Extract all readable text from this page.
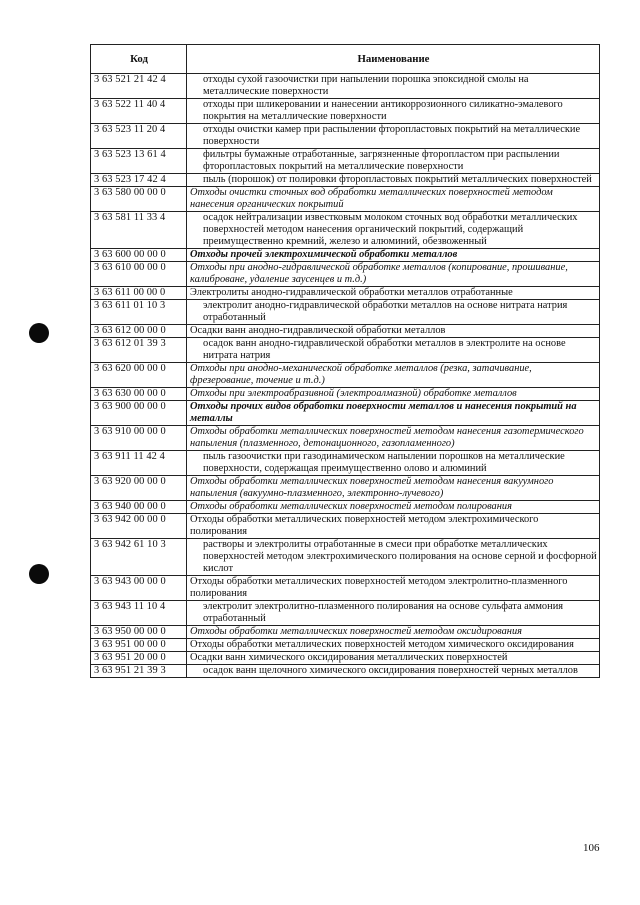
Код	Наименование
3 63 521 21 42 4	отходы сухой газоочистки при напылении порошка эпоксидной смолы на металлические поверхности
3 63 522 11 40 4	отходы при шликеровании и нанесении антикоррозионного силикатно-эмалевого покрытия на металлические поверхности
3 63 523 11 20 4	отходы очистки камер при распылении фторопластовых покрытий на металлические поверхности
3 63 523 13 61 4	фильтры бумажные отработанные, загрязненные фторопластом при распылении фторопластовых покрытий на металлические поверхности
3 63 523 17 42 4	пыль (порошок) от полировки фторопластовых покрытий металлических поверхностей
3 63 580 00 00 0	Отходы очистки сточных вод обработки металлических поверхностей методом нанесения органических покрытий
3 63 581 11 33 4	осадок нейтрализации известковым молоком сточных вод обработки металлических поверхностей методом нанесения органический покрытий, содержащий преимущественно кремний, железо и алюминий, обезвоженный
3 63 600 00 00 0	Отходы прочей электрохимической обработки металлов
3 63 610 00 00 0	Отходы при анодно-гидравлической обработке металлов (копирование, прошивание, калиброване, удаление заусенцев и т.д.)
3 63 611 00 00 0	Электролиты анодно-гидравлической обработки металлов отработанные
3 63 611 01 10 3	электролит анодно-гидравлической обработки металлов на основе нитрата натрия отработанный
3 63 612 00 00 0	Осадки ванн анодно-гидравлической обработки металлов
3 63 612 01 39 3	осадок ванн анодно-гидравлической обработки металлов в электролите на основе нитрата натрия
3 63 620 00 00 0	Отходы при анодно-механической обработке металлов (резка, затачивание, фрезерование, точение и т.д.)
3 63 630 00 00 0	Отходы при электроабразивной (электроалмазной) обработке металлов
3 63 900 00 00 0	Отходы прочих видов обработки поверхности металлов и нанесения покрытий на металлы
3 63 910 00 00 0	Отходы обработки металлических поверхностей методом нанесения газотермического напыления (плазменного, детонационного, газопламенного)
3 63 911 11 42 4	пыль газоочистки при газодинамическом напылении порошков на металлические поверхности, содержащая преимущественно олово и алюминий
3 63 920 00 00 0	Отходы обработки металлических поверхностей методом нанесения вакуумного напыления (вакуумно-плазменного, электронно-лучевого)
3 63 940 00 00 0	Отходы обработки металлических поверхностей методом полирования
3 63 942 00 00 0	Отходы обработки металлических поверхностей методом электрохимического полирования
3 63 942 61 10 3	растворы и электролиты отработанные в смеси при обработке металлических поверхностей методом электрохимического полирования на основе серной и фосфорной кислот
3 63 943 00 00 0	Отходы обработки металлических поверхностей методом электролитно-плазменного полирования
3 63 943 11 10 4	электролит электролитно-плазменного полирования на основе сульфата аммония отработанный
3 63 950 00 00 0	Отходы обработки металлических поверхностей методом оксидирования
3 63 951 00 00 0	Отходы обработки металлических поверхностей методом химического оксидирования
3 63 951 20 00 0	Осадки ванн химического оксидирования металлических поверхностей
3 63 951 21 39 3	осадок ванн щелочного химического оксидирования поверхностей черных металлов
106
